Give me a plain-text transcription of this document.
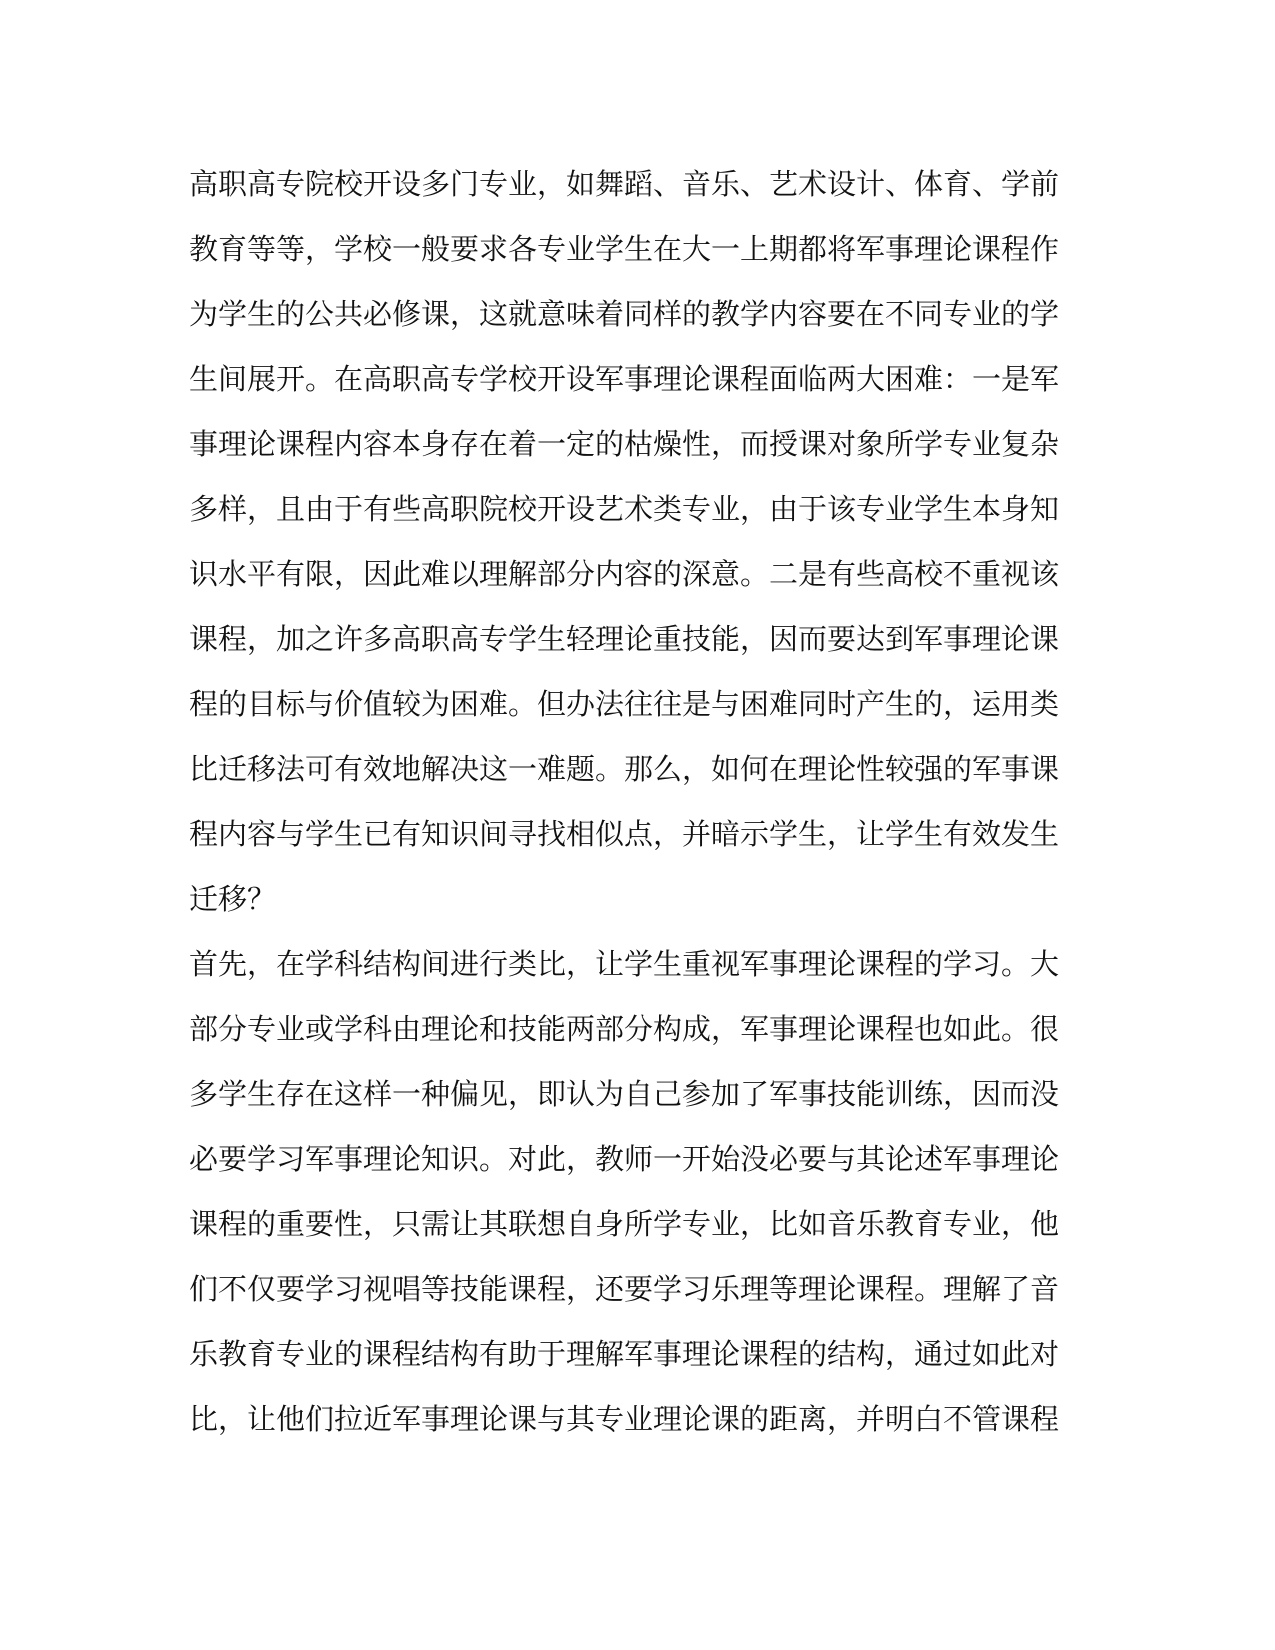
高职高专院校开设多门专业，如舞蹈、音乐、艺术设计、体育、学前
教育等等，学校一般要求各专业学生在大一上期都将军事理论课程作
为学生的公共必修课，这就意味着同样的教学内容要在不同专业的学
生间展开。在高职高专学校开设军事理论课程面临两大困难：一是军
事理论课程内容本身存在着一定的枯燥性，而授课对象所学专业复杂
多样，且由于有些高职院校开设艺术类专业，由于该专业学生本身知
识水平有限，因此难以理解部分内容的深意。二是有些高校不重视该
课程，加之许多高职高专学生轻理论重技能，因而要达到军事理论课
程的目标与价值较为困难。但办法往往是与困难同时产生的，运用类
比迁移法可有效地解决这一难题。那么，如何在理论性较强的军事课
程内容与学生已有知识间寻找相似点，并暗示学生，让学生有效发生
迁移？
首先，在学科结构间进行类比，让学生重视军事理论课程的学习。大
部分专业或学科由理论和技能两部分构成，军事理论课程也如此。很
多学生存在这样一种偏见，即认为自己参加了军事技能训练，因而没
必要学习军事理论知识。对此，教师一开始没必要与其论述军事理论
课程的重要性，只需让其联想自身所学专业，比如音乐教育专业，他
们不仅要学习视唱等技能课程，还要学习乐理等理论课程。理解了音
乐教育专业的课程结构有助于理解军事理论课程的结构，通过如此对
比，让他们拉近军事理论课与其专业理论课的距离，并明白不管课程
